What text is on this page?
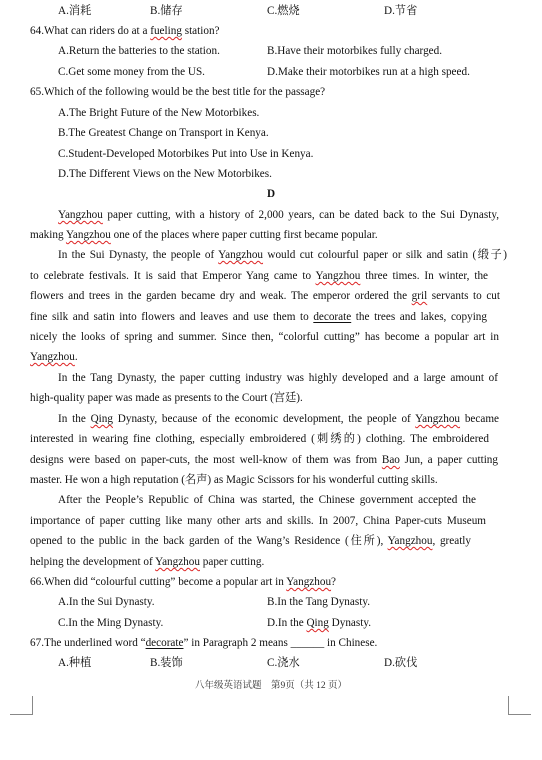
A.消耗	B.储存	C.燃烧	D.节省
64.What can riders do at a fueling station?
A.Return the batteries to the station.	B.Have their motorbikes fully charged.
C.Get some money from the US.	D.Make their motorbikes run at a high speed.
65.Which of the following would be the best title for the passage?
A.The Bright Future of the New Motorbikes.
B.The Greatest Change on Transport in Kenya.
C.Student-Developed Motorbikes Put into Use in Kenya.
D.The Different Views on the New Motorbikes.
D
Yangzhou paper cutting, with a history of 2,000 years, can be dated back to the Sui Dynasty,
making Yangzhou one of the places where paper cutting first became popular.
In the Sui Dynasty, the people of Yangzhou would cut colourful paper or silk and satin (缎子)
to celebrate festivals. It is said that Emperor Yang came to Yangzhou three times. In winter, the
flowers and trees in the garden became dry and weak. The emperor ordered the gril servants to cut
fine silk and satin into flowers and leaves and use them to decorate the trees and lakes, copying
nicely the looks of spring and summer. Since then, “colorful cutting” has become a popular art in
Yangzhou.
In the Tang Dynasty, the paper cutting industry was highly developed and a large amount of
high-quality paper was made as presents to the Court (宫廷).
In the Qing Dynasty, because of the economic development, the people of Yangzhou became
interested in wearing fine clothing, especially embroidered (刺绣的) clothing. The embroidered
designs were based on paper-cuts, the most well-know of them was from Bao Jun, a paper cutting
master. He won a high reputation (名声) as Magic Scissors for his wonderful cutting skills.
After the People’s Republic of China was started, the Chinese government accepted the
importance of paper cutting like many other arts and skills. In 2007, China Paper-cuts Museum
opened to the public in the back garden of the Wang’s Residence (住所), Yangzhou, greatly
helping the development of Yangzhou paper cutting.
66.When did “colourful cutting” become a popular art in Yangzhou?
A.In the Sui Dynasty.	B.In the Tang Dynasty.
C.In the Ming Dynasty.	D.In the Qing Dynasty.
67.The underlined word “decorate” in Paragraph 2 means ______ in Chinese.
A.种植	B.装饰	C.浇水	D.砍伐
八年级英语试题　第9页（共 12 页）
